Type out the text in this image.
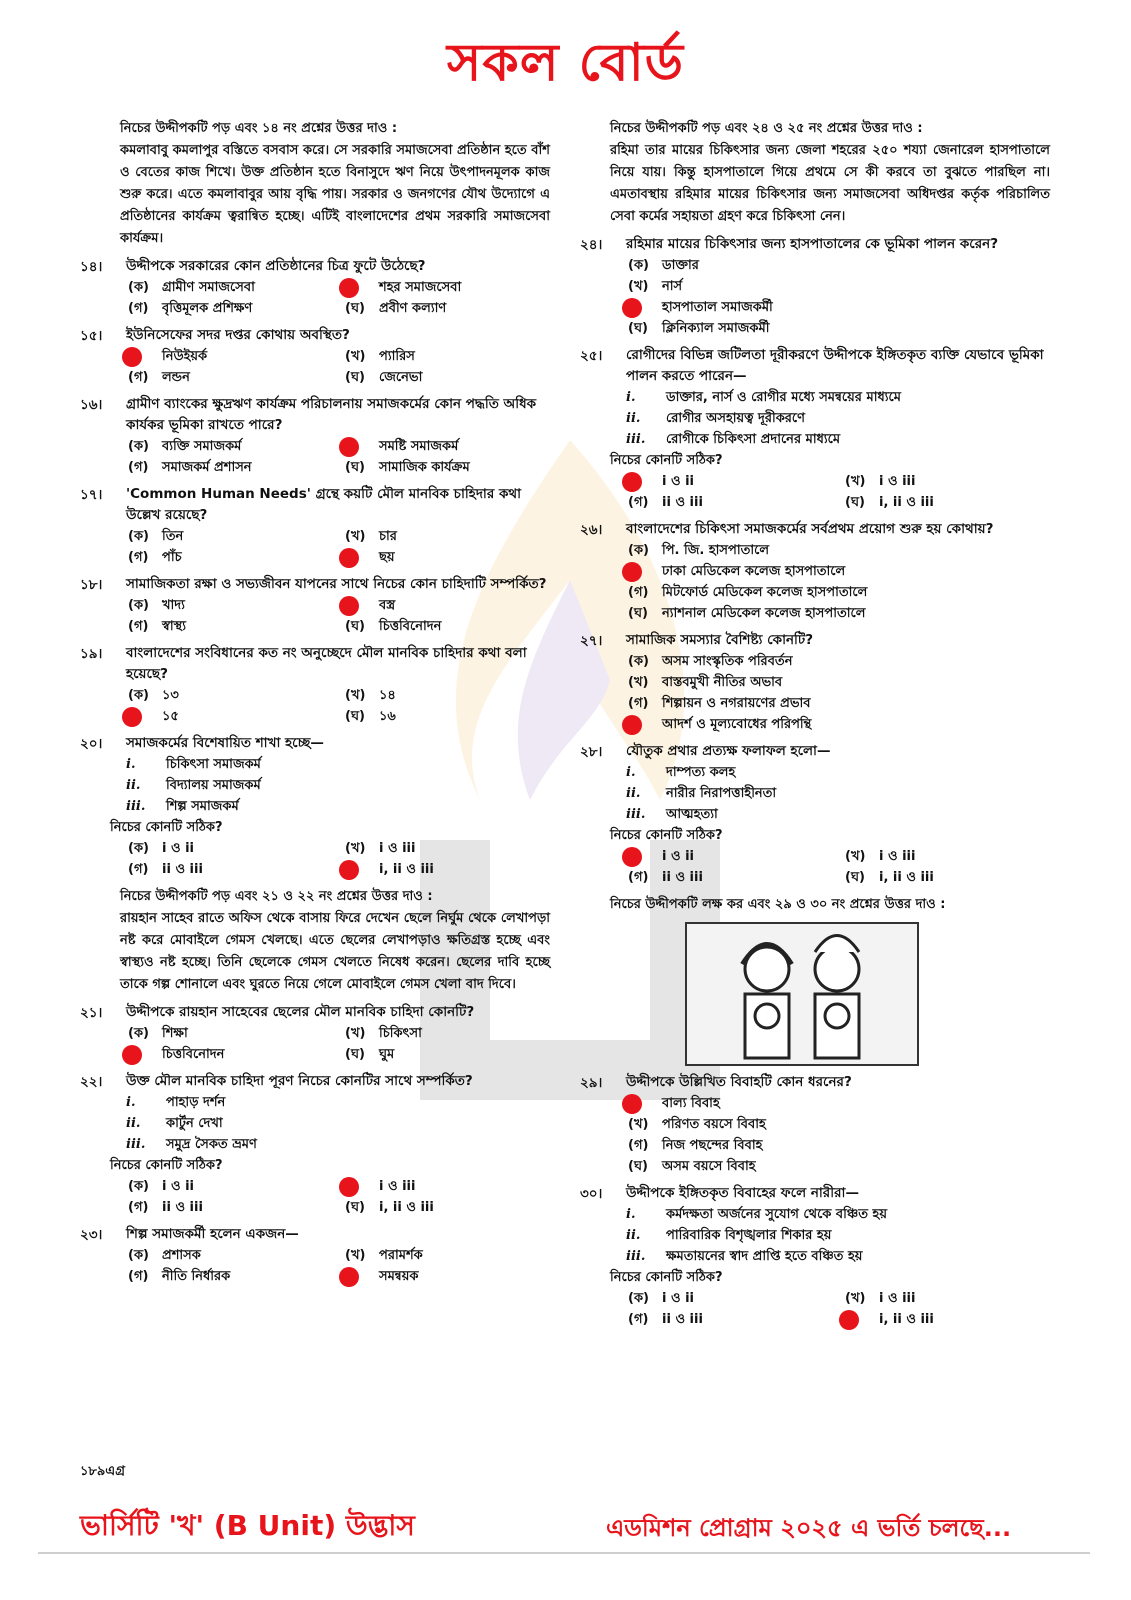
সকল বোর্ড
নিচের উদ্দীপকটি পড় এবং ১৪ নং প্রশ্নের উত্তর দাও :
কমলাবাবু কমলাপুর বস্তিতে বসবাস করে। সে সরকারি সমাজসেবা প্রতিষ্ঠান হতে বাঁশ ও বেতের কাজ শিখে। উক্ত প্রতিষ্ঠান হতে বিনাসুদে ঋণ নিয়ে উৎপাদনমূলক কাজ শুরু করে। এতে কমলাবাবুর আয় বৃদ্ধি পায়। সরকার ও জনগণের যৌথ উদ্যোগে এ প্রতিষ্ঠানের কার্যক্রম ত্বরান্বিত হচ্ছে। এটিই বাংলাদেশের প্রথম সরকারি সমাজসেবা কার্যক্রম।
১৪।	উদ্দীপকে সরকারের কোন প্রতিষ্ঠানের চিত্র ফুটে উঠেছে?
(ক) গ্রামীণ সমাজসেবা	শহর সমাজসেবা
(গ) বৃত্তিমূলক প্রশিক্ষণ	(ঘ) প্রবীণ কল্যাণ
১৫।	ইউনিসেফের সদর দপ্তর কোথায় অবস্থিত?
নিউইয়র্ক	(খ) প্যারিস
(গ) লন্ডন	(ঘ) জেনেভা
১৬।	গ্রামীণ ব্যাংকের ক্ষুদ্রঋণ কার্যক্রম পরিচালনায় সমাজকর্মের কোন পদ্ধতি অধিক কার্যকর ভূমিকা রাখতে পারে?
(ক) ব্যক্তি সমাজকর্ম	সমষ্টি সমাজকর্ম
(গ) সমাজকর্ম প্রশাসন	(ঘ) সামাজিক কার্যক্রম
১৭।	'Common Human Needs' গ্রন্থে কয়টি মৌল মানবিক চাহিদার কথা উল্লেখ রয়েছে?
(ক) তিন	(খ) চার
(গ) পাঁচ	ছয়
১৮।	সামাজিকতা রক্ষা ও সভ্যজীবন যাপনের সাথে নিচের কোন চাহিদাটি সম্পর্কিত?
(ক) খাদ্য	বস্ত্র
(গ) স্বাস্থ্য	(ঘ) চিত্তবিনোদন
১৯।	বাংলাদেশের সংবিধানের কত নং অনুচ্ছেদে মৌল মানবিক চাহিদার কথা বলা হয়েছে?
(ক) ১৩	(খ) ১৪
১৫	(ঘ) ১৬
২০।	সমাজকর্মের বিশেষায়িত শাখা হচ্ছে—
i. চিকিৎসা সমাজকর্ম
ii. বিদ্যালয় সমাজকর্ম
iii. শিল্প সমাজকর্ম
নিচের কোনটি সঠিক?
(ক) i ও ii	(খ) i ও iii
(গ) ii ও iii	i, ii ও iii
নিচের উদ্দীপকটি পড় এবং ২১ ও ২২ নং প্রশ্নের উত্তর দাও :
রায়হান সাহেব রাতে অফিস থেকে বাসায় ফিরে দেখেন ছেলে নির্ঘুম থেকে লেখাপড়া নষ্ট করে মোবাইলে গেমস খেলছে। এতে ছেলের লেখাপড়াও ক্ষতিগ্রস্ত হচ্ছে এবং স্বাস্থ্যও নষ্ট হচ্ছে। তিনি ছেলেকে গেমস খেলতে নিষেধ করেন। ছেলের দাবি হচ্ছে তাকে গল্প শোনালে এবং ঘুরতে নিয়ে গেলে মোবাইলে গেমস খেলা বাদ দিবে।
২১।	উদ্দীপকে রায়হান সাহেবের ছেলের মৌল মানবিক চাহিদা কোনটি?
(ক) শিক্ষা	(খ) চিকিৎসা
চিত্তবিনোদন	(ঘ) ঘুম
২২।	উক্ত মৌল মানবিক চাহিদা পূরণ নিচের কোনটির সাথে সম্পর্কিত?
i. পাহাড় দর্শন
ii. কার্টুন দেখা
iii. সমুদ্র সৈকত ভ্রমণ
নিচের কোনটি সঠিক?
(ক) i ও ii	i ও iii
(গ) ii ও iii	(ঘ) i, ii ও iii
২৩।	শিল্প সমাজকর্মী হলেন একজন—
(ক) প্রশাসক	(খ) পরামর্শক
(গ) নীতি নির্ধারক	সমন্বয়ক
নিচের উদ্দীপকটি পড় এবং ২৪ ও ২৫ নং প্রশ্নের উত্তর দাও :
রহিমা তার মায়ের চিকিৎসার জন্য জেলা শহরের ২৫০ শয্যা জেনারেল হাসপাতালে নিয়ে যায়। কিন্তু হাসপাতালে গিয়ে প্রথমে সে কী করবে তা বুঝতে পারছিল না। এমতাবস্থায় রহিমার মায়ের চিকিৎসার জন্য সমাজসেবা অধিদপ্তর কর্তৃক পরিচালিত সেবা কর্মের সহায়তা গ্রহণ করে চিকিৎসা নেন।
২৪।	রহিমার মায়ের চিকিৎসার জন্য হাসপাতালের কে ভূমিকা পালন করেন?
(ক) ডাক্তার
(খ) নার্স
হাসপাতাল সমাজকর্মী
(ঘ) ক্লিনিক্যাল সমাজকর্মী
২৫।	রোগীদের বিভিন্ন জটিলতা দূরীকরণে উদ্দীপকে ইঙ্গিতকৃত ব্যক্তি যেভাবে ভূমিকা পালন করতে পারেন—
i. ডাক্তার, নার্স ও রোগীর মধ্যে সমন্বয়ের মাধ্যমে
ii. রোগীর অসহায়ত্ব দূরীকরণে
iii. রোগীকে চিকিৎসা প্রদানের মাধ্যমে
নিচের কোনটি সঠিক?
i ও ii	(খ) i ও iii
(গ) ii ও iii	(ঘ) i, ii ও iii
২৬।	বাংলাদেশের চিকিৎসা সমাজকর্মের সর্বপ্রথম প্রয়োগ শুরু হয় কোথায়?
(ক) পি. জি. হাসপাতালে
ঢাকা মেডিকেল কলেজ হাসপাতালে
(গ) মিটফোর্ড মেডিকেল কলেজ হাসপাতালে
(ঘ) ন্যাশনাল মেডিকেল কলেজ হাসপাতালে
২৭।	সামাজিক সমস্যার বৈশিষ্ট্য কোনটি?
(ক) অসম সাংস্কৃতিক পরিবর্তন
(খ) বাস্তবমুখী নীতির অভাব
(গ) শিল্পায়ন ও নগরায়ণের প্রভাব
আদর্শ ও মূল্যবোধের পরিপন্থি
২৮।	যৌতুক প্রথার প্রত্যক্ষ ফলাফল হলো—
i. দাম্পত্য কলহ
ii. নারীর নিরাপত্তাহীনতা
iii. আত্মহত্যা
নিচের কোনটি সঠিক?
i ও ii	(খ) i ও iii
(গ) ii ও iii	(ঘ) i, ii ও iii
নিচের উদ্দীপকটি লক্ষ কর এবং ২৯ ও ৩০ নং প্রশ্নের উত্তর দাও :
২৯।	উদ্দীপকে উল্লিখিত বিবাহটি কোন ধরনের?
বাল্য বিবাহ
(খ) পরিণত বয়সে বিবাহ
(গ) নিজ পছন্দের বিবাহ
(ঘ) অসম বয়সে বিবাহ
৩০।	উদ্দীপকে ইঙ্গিতকৃত বিবাহের ফলে নারীরা—
i. কর্মদক্ষতা অর্জনের সুযোগ থেকে বঞ্চিত হয়
ii. পারিবারিক বিশৃঙ্খলার শিকার হয়
iii. ক্ষমতায়নের স্বাদ প্রাপ্তি হতে বঞ্চিত হয়
নিচের কোনটি সঠিক?
(ক) i ও ii	(খ) i ও iii
(গ) ii ও iii	i, ii ও iii
১৮৯এগ্র
ভার্সিটি 'খ' (B Unit) উদ্ভাস	এডমিশন প্রোগ্রাম ২০২৫ এ ভর্তি চলছে...
